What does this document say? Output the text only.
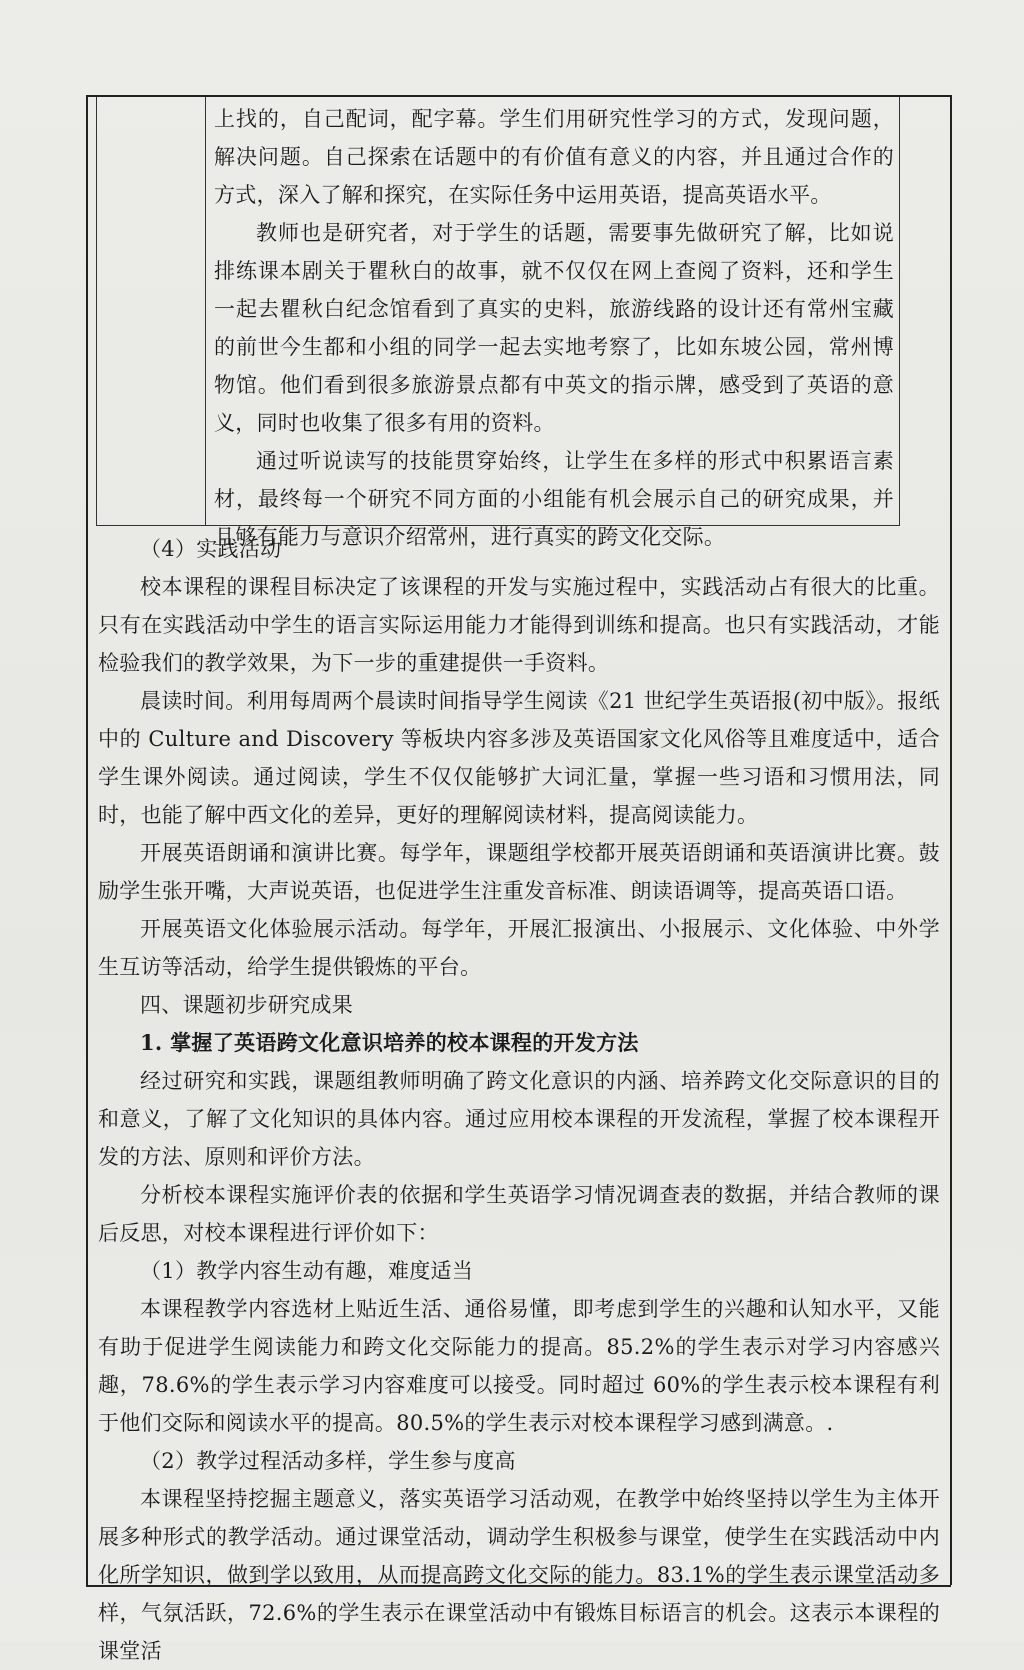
上找的，自己配词，配字幕。学生们用研究性学习的方式，发现问题，解决问题。自己探索在话题中的有价值有意义的内容，并且通过合作的方式，深入了解和探究，在实际任务中运用英语，提高英语水平。

教师也是研究者，对于学生的话题，需要事先做研究了解，比如说排练课本剧关于瞿秋白的故事，就不仅仅在网上查阅了资料，还和学生一起去瞿秋白纪念馆看到了真实的史料，旅游线路的设计还有常州宝藏的前世今生都和小组的同学一起去实地考察了，比如东坡公园，常州博物馆。他们看到很多旅游景点都有中英文的指示牌，感受到了英语的意义，同时也收集了很多有用的资料。

通过听说读写的技能贯穿始终，让学生在多样的形式中积累语言素材，最终每一个研究不同方面的小组能有机会展示自己的研究成果，并且够有能力与意识介绍常州，进行真实的跨文化交际。

（4）实践活动

校本课程的课程目标决定了该课程的开发与实施过程中，实践活动占有很大的比重。只有在实践活动中学生的语言实际运用能力才能得到训练和提高。也只有实践活动，才能检验我们的教学效果，为下一步的重建提供一手资料。

晨读时间。利用每周两个晨读时间指导学生阅读《21 世纪学生英语报(初中版》。报纸中的 Culture and Discovery 等板块内容多涉及英语国家文化风俗等且难度适中，适合学生课外阅读。通过阅读，学生不仅仅能够扩大词汇量，掌握一些习语和习惯用法，同时，也能了解中西文化的差异，更好的理解阅读材料，提高阅读能力。

开展英语朗诵和演讲比赛。每学年，课题组学校都开展英语朗诵和英语演讲比赛。鼓励学生张开嘴，大声说英语，也促进学生注重发音标准、朗读语调等，提高英语口语。

开展英语文化体验展示活动。每学年，开展汇报演出、小报展示、文化体验、中外学生互访等活动，给学生提供锻炼的平台。

四、课题初步研究成果

1. 掌握了英语跨文化意识培养的校本课程的开发方法

经过研究和实践，课题组教师明确了跨文化意识的内涵、培养跨文化交际意识的目的和意义，了解了文化知识的具体内容。通过应用校本课程的开发流程，掌握了校本课程开发的方法、原则和评价方法。

分析校本课程实施评价表的依据和学生英语学习情况调查表的数据，并结合教师的课后反思，对校本课程进行评价如下：

（1）教学内容生动有趣，难度适当

本课程教学内容选材上贴近生活、通俗易懂，即考虑到学生的兴趣和认知水平，又能有助于促进学生阅读能力和跨文化交际能力的提高。85.2%的学生表示对学习内容感兴趣，78.6%的学生表示学习内容难度可以接受。同时超过 60%的学生表示校本课程有利于他们交际和阅读水平的提高。80.5%的学生表示对校本课程学习感到满意。.

（2）教学过程活动多样，学生参与度高

本课程坚持挖掘主题意义，落实英语学习活动观，在教学中始终坚持以学生为主体开展多种形式的教学活动。通过课堂活动，调动学生积极参与课堂，使学生在实践活动中内化所学知识，做到学以致用，从而提高跨文化交际的能力。83.1%的学生表示课堂活动多样，气氛活跃，72.6%的学生表示在课堂活动中有锻炼目标语言的机会。这表示本课程的课堂活
